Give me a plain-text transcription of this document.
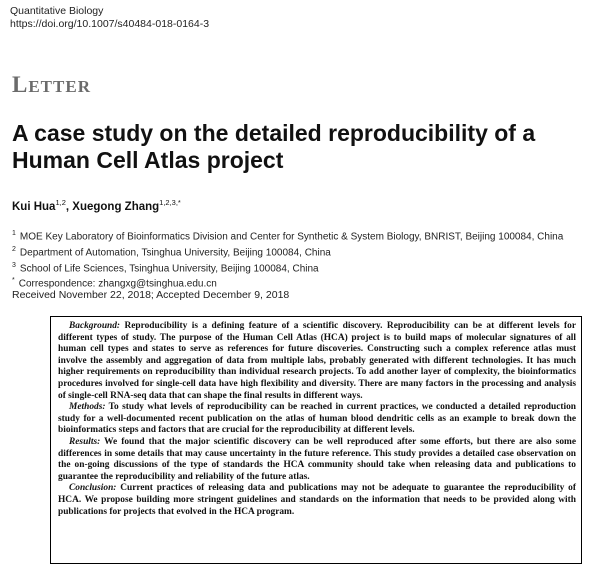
Quantitative Biology
https://doi.org/10.1007/s40484-018-0164-3
LETTER
A case study on the detailed reproducibility of a Human Cell Atlas project
Kui Hua$^{1,2}$, Xuegong Zhang$^{1,2,3,*}$
$^1$ MOE Key Laboratory of Bioinformatics Division and Center for Synthetic & System Biology, BNRIST, Beijing 100084, China
$^2$ Department of Automation, Tsinghua University, Beijing 100084, China
$^3$ School of Life Sciences, Tsinghua University, Beijing 100084, China
* Correspondence: zhangxg@tsinghua.edu.cn
Received November 22, 2018; Accepted December 9, 2018

Background: Reproducibility is a defining feature of a scientific discovery. Reproducibility can be at different levels for different types of study. The purpose of the Human Cell Atlas (HCA) project is to build maps of molecular signatures of all human cell types and states to serve as references for future discoveries. Constructing such a complex reference atlas must involve the assembly and aggregation of data from multiple labs, probably generated with different technologies. It has much higher requirements on reproducibility than individual research projects. To add another layer of complexity, the bioinformatics procedures involved for single-cell data have high flexibility and diversity. There are many factors in the processing and analysis of single-cell RNA-seq data that can shape the final results in different ways.

Methods: To study what levels of reproducibility can be reached in current practices, we conducted a detailed reproduction study for a well-documented recent publication on the atlas of human blood dendritic cells as an example to break down the bioinformatics steps and factors that are crucial for the reproducibility at different levels.

Results: We found that the major scientific discovery can be well reproduced after some efforts, but there are also some differences in some details that may cause uncertainty in the future reference. This study provides a detailed case observation on the on-going discussions of the type of standards the HCA community should take when releasing data and publications to guarantee the reproducibility and reliability of the future atlas.

Conclusion: Current practices of releasing data and publications may not be adequate to guarantee the reproducibility of HCA. We propose building more stringent guidelines and standards on the information that needs to be provided along with publications for projects that evolved in the HCA program.
